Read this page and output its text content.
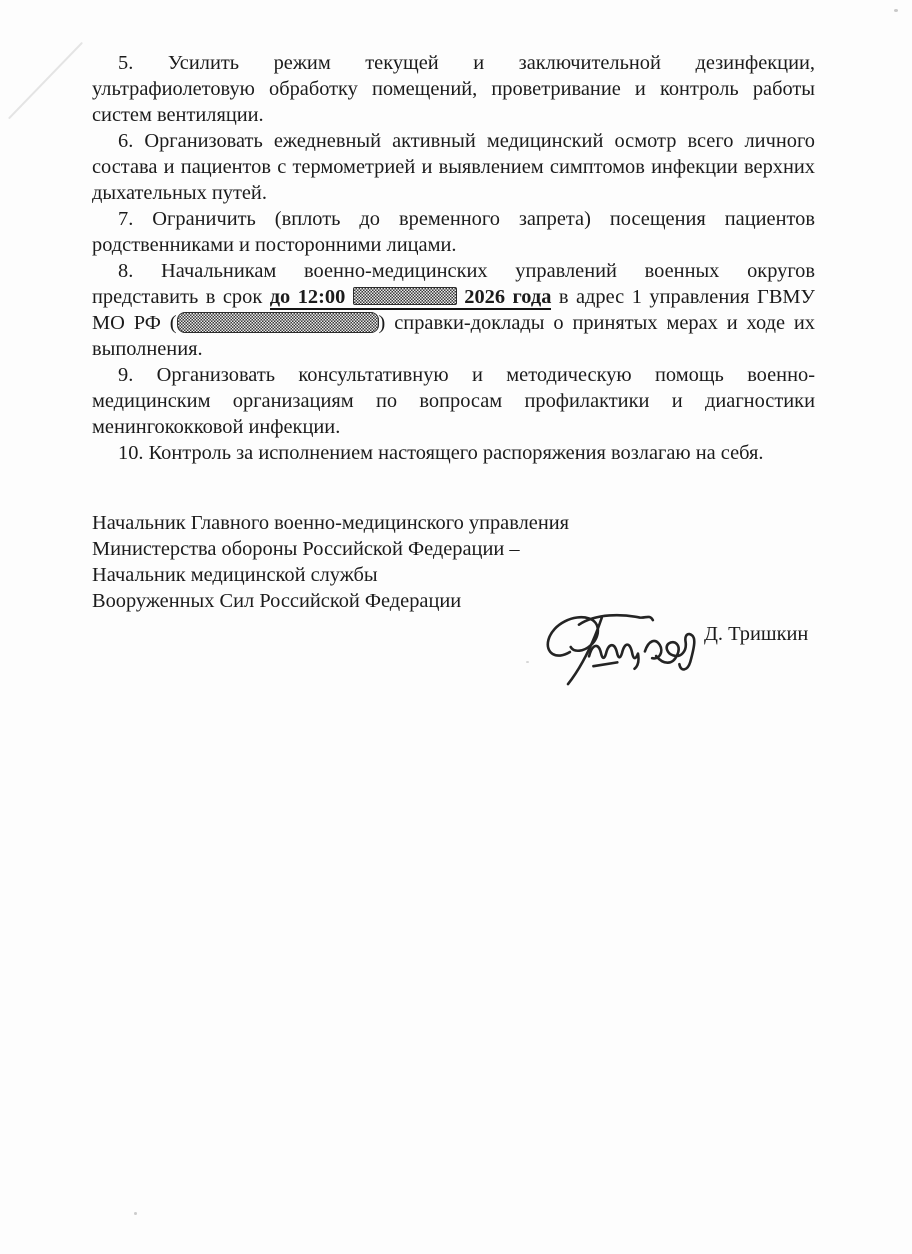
5. Усилить режим текущей и заключительной дезинфекции,
ультрафиолетовую обработку помещений, проветривание и контроль работы
систем вентиляции.

6. Организовать ежедневный активный медицинский осмотр всего личного
состава и пациентов с термометрией и выявлением симптомов инфекции верхних
дыхательных путей.

7. Ограничить (вплоть до временного запрета) посещения пациентов
родственниками и посторонними лицами.

8. Начальникам военно-медицинских управлений военных округов
представить в срок до 12:00	2026 года в адрес 1 управления ГВМУ
МО РФ (	) справки-доклады о принятых мерах и ходе их
выполнения.

9. Организовать консультативную и методическую помощь военно-
медицинским организациям по вопросам профилактики и диагностики
менингококковой инфекции.

10. Контроль за исполнением настоящего распоряжения возлагаю на себя.

Начальник Главного военно-медицинского управления
Министерства обороны Российской Федерации –
Начальник медицинской службы
Вооруженных Сил Российской Федерации
Д. Тришкин
